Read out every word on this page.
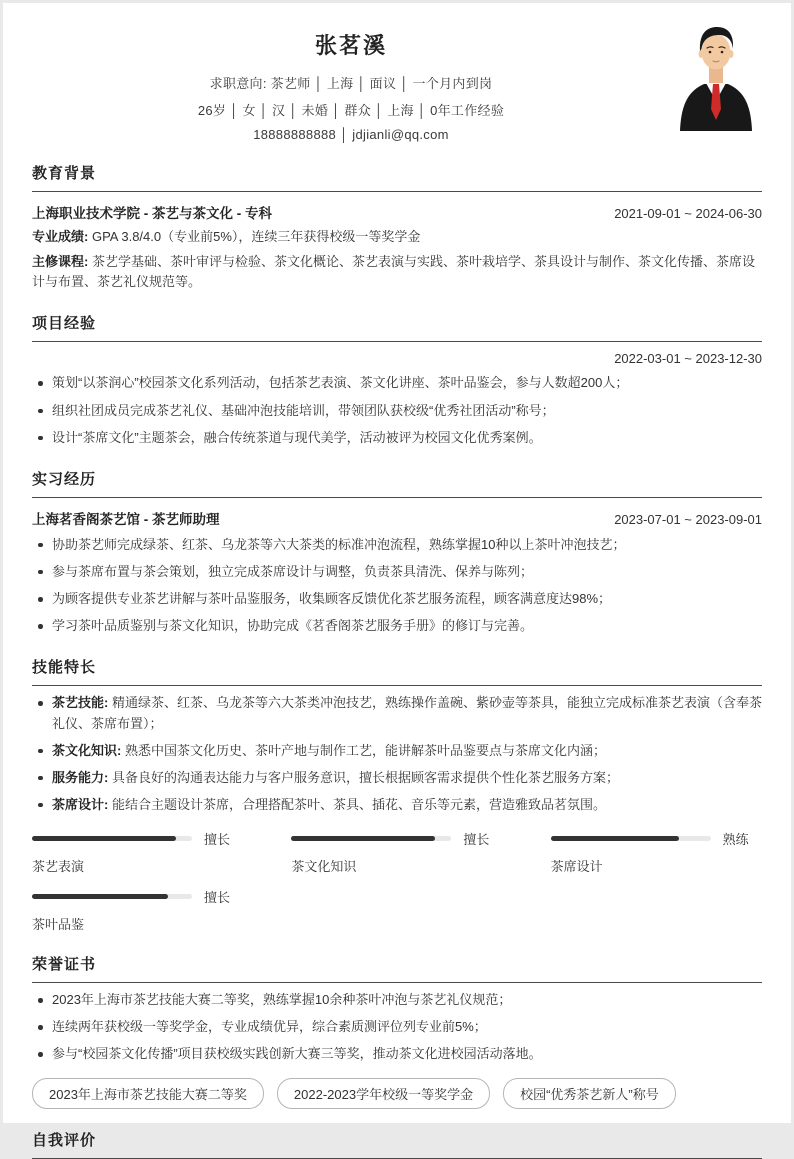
张茗溪
求职意向: 茶艺师 │ 上海 │ 面议 │ 一个月内到岗
26岁 │ 女 │ 汉 │ 未婚 │ 群众 │ 上海 │ 0年工作经验
18888888888 │ jdjianli@qq.com
教育背景
上海职业技术学院 - 茶艺与茶文化 - 专科	2021-09-01 ~ 2024-06-30
专业成绩: GPA 3.8/4.0（专业前5%），连续三年获得校级一等奖学金
主修课程: 茶艺学基础、茶叶审评与检验、茶文化概论、茶艺表演与实践、茶叶栽培学、茶具设计与制作、茶文化传播、茶席设计与布置、茶艺礼仪规范等。
项目经验
2022-03-01 ~ 2023-12-30
策划“以茶润心”校园茶文化系列活动，包括茶艺表演、茶文化讲座、茶叶品鉴会，参与人数超200人；
组织社团成员完成茶艺礼仪、基础冲泡技能培训，带领团队获校级“优秀社团活动”称号；
设计“茶席文化”主题茶会，融合传统茶道与现代美学，活动被评为校园文化优秀案例。
实习经历
上海茗香阁茶艺馆 - 茶艺师助理	2023-07-01 ~ 2023-09-01
协助茶艺师完成绿茶、红茶、乌龙茶等六大茶类的标准冲泡流程，熟练掌握10种以上茶叶冲泡技艺；
参与茶席布置与茶会策划，独立完成茶席设计与调整，负责茶具清洗、保养与陈列；
为顾客提供专业茶艺讲解与茶叶品鉴服务，收集顾客反馈优化茶艺服务流程，顾客满意度达98%；
学习茶叶品质鉴别与茶文化知识，协助完成《茗香阁茶艺服务手册》的修订与完善。
技能特长
茶艺技能: 精通绿茶、红茶、乌龙茶等六大茶类冲泡技艺，熟练操作盖碗、紫砂壶等茶具，能独立完成标准茶艺表演（含奉茶礼仪、茶席布置）；
茶文化知识: 熟悉中国茶文化历史、茶叶产地与制作工艺，能讲解茶叶品鉴要点与茶席文化内涵；
服务能力: 具备良好的沟通表达能力与客户服务意识，擅长根据顾客需求提供个性化茶艺服务方案；
茶席设计: 能结合主题设计茶席，合理搭配茶叶、茶具、插花、音乐等元素，营造雅致品茗氛围。
擅长
茶艺表演
擅长
茶文化知识
熟练
茶席设计
擅长
茶叶品鉴
荣誉证书
2023年上海市茶艺技能大赛二等奖，熟练掌握10余种茶叶冲泡与茶艺礼仪规范；
连续两年获校级一等奖学金，专业成绩优异，综合素质测评位列专业前5%；
参与“校园茶文化传播”项目获校级实践创新大赛三等奖，推动茶文化进校园活动落地。
2023年上海市茶艺技能大赛二等奖	2022-2023学年校级一等奖学金	校园“优秀茶艺新人”称号
自我评价
